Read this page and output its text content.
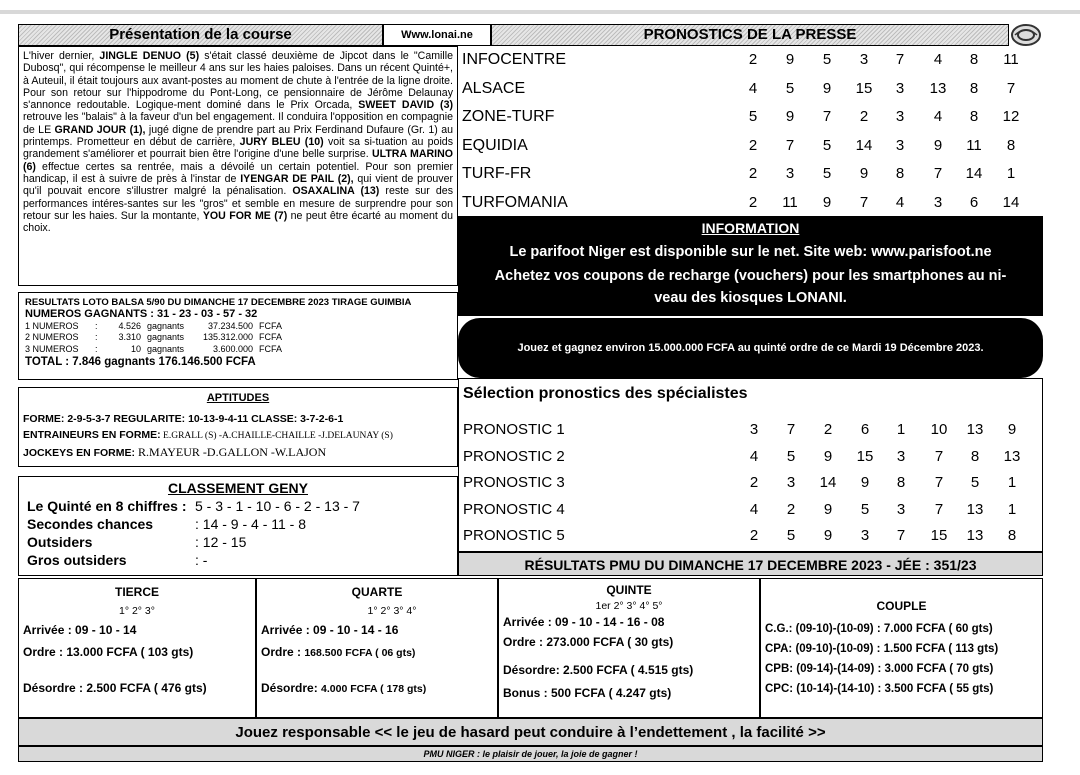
Présentation de la course	Www.lonai.ne	PRONOSTICS DE LA PRESSE
L'hiver dernier, JINGLE DENUO (5) s'était classé deuxième de Jipcot dans le "Camille Dubosq", qui récompense le meilleur 4 ans sur les haies paloises. Dans un récent Quinté+, à Auteuil, il était toujours aux avant-postes au moment de chute à l'entrée de la ligne droite. Pour son retour sur l'hippodrome du Pont-Long, ce pensionnaire de Jérôme Delaunay s'annonce redoutable. Logique-ment dominé dans le Prix Orcada, SWEET DAVID (3) retrouve les "balais" à la faveur d'un bel engagement. Il conduira l'opposition en compagnie de LE GRAND JOUR (1), jugé digne de prendre part au Prix Ferdinand Dufaure (Gr. 1) au printemps. Prometteur en début de carrière, JURY BLEU (10) voit sa si-tuation au poids grandement s'améliorer et pourrait bien être l'origine d'une belle surprise. ULTRA MARINO (6) effectue certes sa rentrée, mais a dévoilé un certain potentiel. Pour son premier handicap, il est à suivre de près à l'instar de IYENGAR DE PAIL (2), qui vient de prouver qu'il pouvait encore s'illustrer malgré la pénalisation. OSAXALINA (13) reste sur des performances intéres-santes sur les "gros" et semble en mesure de surprendre pour son retour sur les haies. Sur la montante, YOU FOR ME (7) ne peut être écarté au moment du choix.
INFOCENTRE	2	9	5	3	7	4	8	11
ALSACE	4	5	9	15	3	13	8	7
ZONE-TURF	5	9	7	2	3	4	8	12
EQUIDIA	2	7	5	14	3	9	11	8
TURF-FR	2	3	5	9	8	7	14	1
TURFOMANIA	2	11	9	7	4	3	6	14
INFORMATION
Le parifoot Niger est disponible sur le net. Site web: www.parisfoot.ne
Achetez vos coupons de recharge (vouchers) pour les smartphones au ni-
veau des kiosques LONANI.
Jouez et gagnez environ 15.000.000 FCFA au quinté ordre de ce Mardi 19 Décembre 2023.
RESULTATS LOTO BALSA 5/90 DU DIMANCHE 17 DECEMBRE 2023 TIRAGE GUIMBIA
NUMEROS GAGNANTS : 31 - 23 - 03 - 57 - 32
1 NUMEROS	:	4.526 gagnants	37.234.500 FCFA
2 NUMEROS	:	3.310 gagnants	135.312.000 FCFA
3 NUMEROS	:	10 gagnants	3.600.000 FCFA
TOTAL : 7.846 gagnants 176.146.500 FCFA
APTITUDES
FORME: 2-9-5-3-7 REGULARITE: 10-13-9-4-11 CLASSE: 3-7-2-6-1
ENTRAINEURS EN FORME: E.GRALL (S) -A.CHAILLE-CHAILLE -J.DELAUNAY (S)
JOCKEYS EN FORME: R.MAYEUR -D.GALLON -W.LAJON
CLASSEMENT GENY
Le Quinté en 8 chiffres : 5 - 3 - 1 - 10 - 6 - 2 - 13 - 7
Secondes chances	: 14 - 9 - 4 - 11 - 8
Outsiders	: 12 - 15
Gros outsiders	: -
Sélection pronostics des spécialistes
PRONOSTIC 1	3	7	2	6	1	10	13	9
PRONOSTIC 2	4	5	9	15	3	7	8	13
PRONOSTIC 3	2	3	14	9	8	7	5	1
PRONOSTIC 4	4	2	9	5	3	7	13	1
PRONOSTIC 5	2	5	9	3	7	15	13	8
RÉSULTATS PMU DU DIMANCHE 17 DECEMBRE 2023 - JÉE : 351/23
TIERCE
1° 2° 3°
Arrivée : 09 - 10 - 14
Ordre : 13.000 FCFA ( 103 gts)
Désordre : 2.500 FCFA ( 476 gts)
QUARTE
1° 2° 3° 4°
Arrivée : 09 - 10 - 14 - 16
Ordre : 168.500 FCFA ( 06 gts)
Désordre: 4.000 FCFA ( 178 gts)
QUINTE
1er 2° 3° 4° 5°
Arrivée : 09 - 10 - 14 - 16 - 08
Ordre : 273.000 FCFA ( 30 gts)
Désordre: 2.500 FCFA ( 4.515 gts)
Bonus : 500 FCFA ( 4.247 gts)
COUPLE
C.G.: (09-10)-(10-09) : 7.000 FCFA ( 60 gts)
CPA: (09-10)-(10-09) : 1.500 FCFA ( 113 gts)
CPB: (09-14)-(14-09) : 3.000 FCFA ( 70 gts)
CPC: (10-14)-(14-10) : 3.500 FCFA ( 55 gts)
Jouez responsable << le jeu de hasard peut conduire à l’endettement , la facilité >>
PMU NIGER : le plaisir de jouer, la joie de gagner !
